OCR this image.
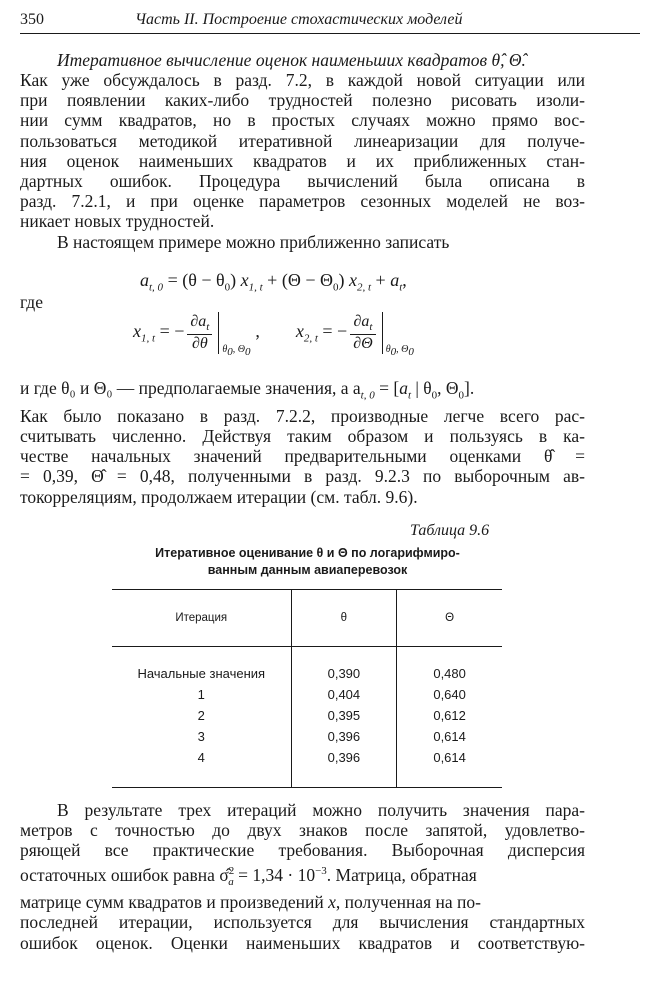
350	Часть II. Построение стохастических моделей
Итеративное вычисление оценок наименьших квадратов θ̂, Θ̂.
Как уже обсуждалось в разд. 7.2, в каждой новой ситуации или
при появлении каких-либо трудностей полезно рисовать изоли-
нии сумм квадратов, но в простых случаях можно прямо вос-
пользоваться методикой итеративной линеаризации для получе-
ния оценок наименьших квадратов и их приближенных стан-
дартных ошибок. Процедура вычислений была описана в
разд. 7.2.1, и при оценке параметров сезонных моделей не воз-
никает новых трудностей.
В настоящем примере можно приближенно записать
$a_{t, 0} = (\theta - \theta_0) x_{1, t} + (\Theta - \Theta_0) x_{2, t} + a_t$,
где
$x_{1, t}$ = − $\frac{\partial a_t}{\partial\theta} \theta_0$, $\Theta_0$
,        $x_{2, t}$ = − $\frac{\partial a_t}{\partial\Theta} \theta_0$, $\Theta_0$
и где θ₀ и Θ₀ — предполагаемые значения, а $a_{t, 0} = [a_t$ | $\theta_0$, $\Theta_0$].
Как было показано в разд. 7.2.2, производные легче всего рас-
считывать численно. Действуя таким образом и пользуясь в ка-
честве начальных значений предварительными оценками θ̂ =
= 0,39, Θ̂ = 0,48, полученными в разд. 9.2.3 по выборочным ав-
токорреляциям, продолжаем итерации (см. табл. 9.6).
Таблица 9.6
Итеративное оценивание θ и Θ по логарифмиро-
ванным данным авиаперевозок
Итерация	θ	Θ
Начальные значения	0,390	0,480
1	0,404	0,640
2	0,395	0,612
3	0,396	0,614
4	0,396	0,614
В результате трех итераций можно получить значения пара-
метров с точностью до двух знаков после запятой, удовлетво-
ряющей все практические требования. Выборочная дисперсия
остаточных ошибок равна σ̂$^2_a$ = $1,34 \cdot 10^{-3}$. Матрица, обратная
матрице сумм квадратов и произведений x, полученная на по-
последней итерации, используется для вычисления стандартных
ошибок оценок. Оценки наименьших квадратов и соответствую-
